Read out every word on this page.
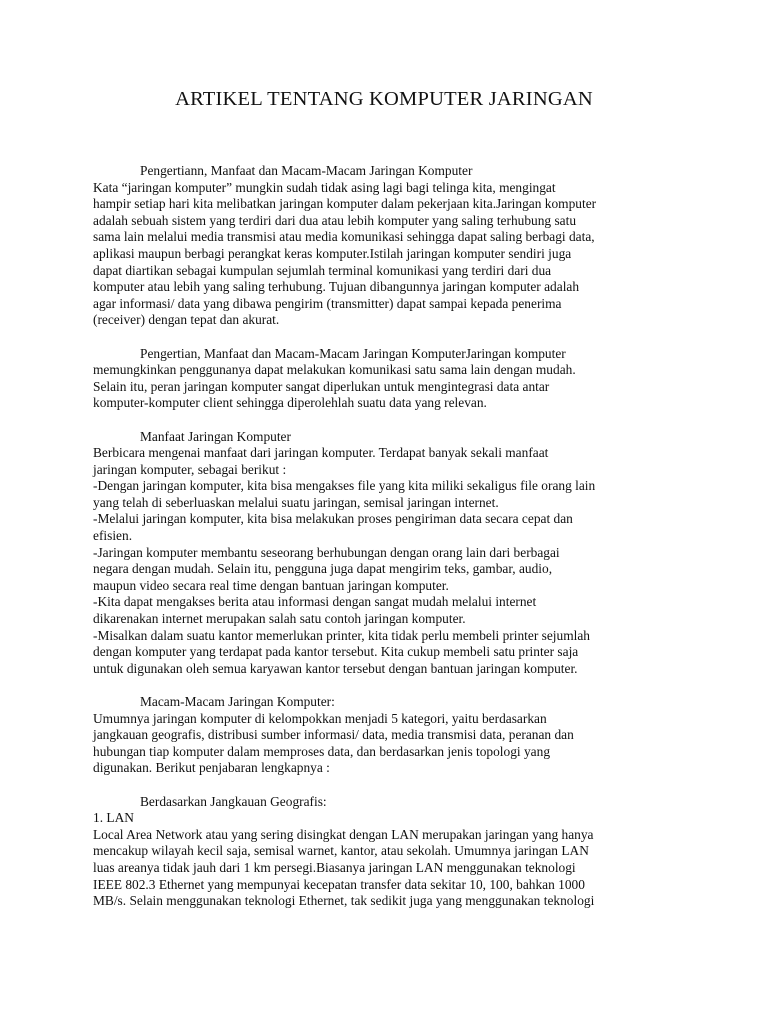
ARTIKEL TENTANG KOMPUTER JARINGAN
Pengertiann, Manfaat dan Macam-Macam Jaringan Komputer
Kata “jaringan komputer” mungkin sudah tidak asing lagi bagi telinga kita, mengingat
hampir setiap hari kita melibatkan jaringan komputer dalam pekerjaan kita.Jaringan komputer
adalah sebuah sistem yang terdiri dari dua atau lebih komputer yang saling terhubung satu
sama lain melalui media transmisi atau media komunikasi sehingga dapat saling berbagi data,
aplikasi maupun berbagi perangkat keras komputer.Istilah jaringan komputer sendiri juga
dapat diartikan sebagai kumpulan sejumlah terminal komunikasi yang terdiri dari dua
komputer atau lebih yang saling terhubung. Tujuan dibangunnya jaringan komputer adalah
agar informasi/ data yang dibawa pengirim (transmitter) dapat sampai kepada penerima
(receiver) dengan tepat dan akurat.
Pengertian, Manfaat dan Macam-Macam Jaringan KomputerJaringan komputer
memungkinkan penggunanya dapat melakukan komunikasi satu sama lain dengan mudah.
Selain itu, peran jaringan komputer sangat diperlukan untuk mengintegrasi data antar
komputer-komputer client sehingga diperolehlah suatu data yang relevan.
Manfaat Jaringan Komputer
Berbicara mengenai manfaat dari jaringan komputer. Terdapat banyak sekali manfaat
jaringan komputer, sebagai berikut :
-Dengan jaringan komputer, kita bisa mengakses file yang kita miliki sekaligus file orang lain
yang telah di seberluaskan melalui suatu jaringan, semisal jaringan internet.
-Melalui jaringan komputer, kita bisa melakukan proses pengiriman data secara cepat dan
efisien.
-Jaringan komputer membantu seseorang berhubungan dengan orang lain dari berbagai
negara dengan mudah. Selain itu, pengguna juga dapat mengirim teks, gambar, audio,
maupun video secara real time dengan bantuan jaringan komputer.
-Kita dapat mengakses berita atau informasi dengan sangat mudah melalui internet
dikarenakan internet merupakan salah satu contoh jaringan komputer.
-Misalkan dalam suatu kantor memerlukan printer, kita tidak perlu membeli printer sejumlah
dengan komputer yang terdapat pada kantor tersebut. Kita cukup membeli satu printer saja
untuk digunakan oleh semua karyawan kantor tersebut dengan bantuan jaringan komputer.
Macam-Macam Jaringan Komputer:
Umumnya jaringan komputer di kelompokkan menjadi 5 kategori, yaitu berdasarkan
jangkauan geografis, distribusi sumber informasi/ data, media transmisi data, peranan dan
hubungan tiap komputer dalam memproses data, dan berdasarkan jenis topologi yang
digunakan. Berikut penjabaran lengkapnya :
Berdasarkan Jangkauan Geografis:
1. LAN
Local Area Network atau yang sering disingkat dengan LAN merupakan jaringan yang hanya
mencakup wilayah kecil saja, semisal warnet, kantor, atau sekolah. Umumnya jaringan LAN
luas areanya tidak jauh dari 1 km persegi.Biasanya jaringan LAN menggunakan teknologi
IEEE 802.3 Ethernet yang mempunyai kecepatan transfer data sekitar 10, 100, bahkan 1000
MB/s. Selain menggunakan teknologi Ethernet, tak sedikit juga yang menggunakan teknologi
